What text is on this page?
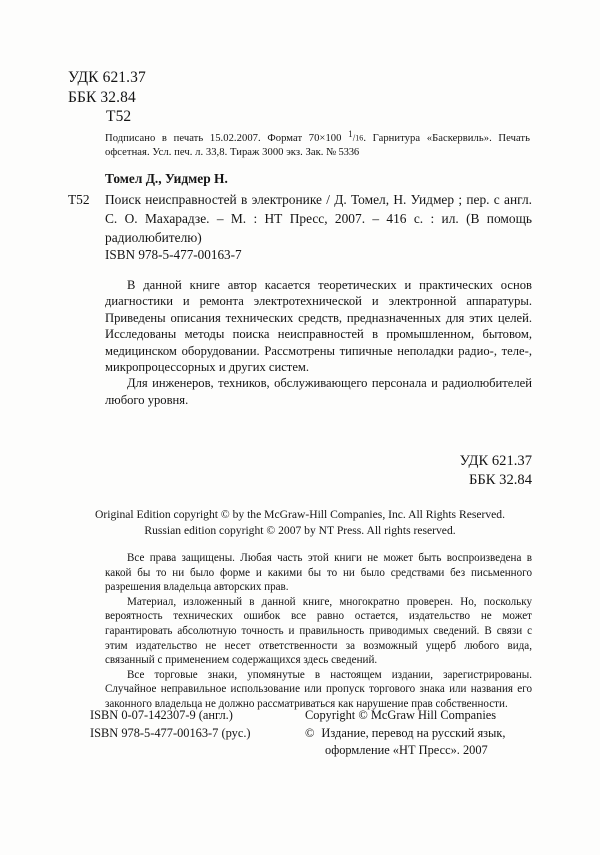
УДК 621.37
ББК 32.84
Т52
Подписано в печать 15.02.2007. Формат 70×100 $^1/_{16}$. Гарнитура «Баскервиль». Печать офсетная. Усл. печ. л. 33,8. Тираж 3000 экз. Зак. № 5336
Томел Д., Уидмер Н.
Т52 Поиск неисправностей в электронике / Д. Томел, Н. Уидмер ; пер. с англ. С. О. Махарадзе. – М. : НТ Пресс, 2007. – 416 с. : ил. (В помощь радиолюбителю)
ISBN 978-5-477-00163-7

В данной книге автор касается теоретических и практических основ диагностики и ремонта электротехнической и электронной аппаратуры. Приведены описания технических средств, предназначенных для этих целей. Исследованы методы поиска неисправностей в промышленном, бытовом, медицинском оборудовании. Рассмотрены типичные неполадки радио-, теле-, микропроцессорных и других систем.

Для инженеров, техников, обслуживающего персонала и радиолюбителей любого уровня.

УДК 621.37
ББК 32.84
Original Edition copyright © by the McGraw-Hill Companies, Inc. All Rights Reserved.
Russian edition copyright © 2007 by NT Press. All rights reserved.

Все права защищены. Любая часть этой книги не может быть воспроизведена в какой бы то ни было форме и какими бы то ни было средствами без письменного разрешения владельца авторских прав.

Материал, изложенный в данной книге, многократно проверен. Но, поскольку вероятность технических ошибок все равно остается, издательство не может гарантировать абсолютную точность и правильность приводимых сведений. В связи с этим издательство не несет ответственности за возможный ущерб любого вида, связанный с применением содержащихся здесь сведений.

Все торговые знаки, упомянутые в настоящем издании, зарегистрированы. Случайное неправильное использование или пропуск торгового знака или названия его законного владельца не должно рассматриваться как нарушение прав собственности.

ISBN 0-07-142307-9 (англ.)
ISBN 978-5-477-00163-7 (рус.)
Copyright © McGraw Hill Companies
© Издание, перевод на русский язык,
оформление «НТ Пресс». 2007
